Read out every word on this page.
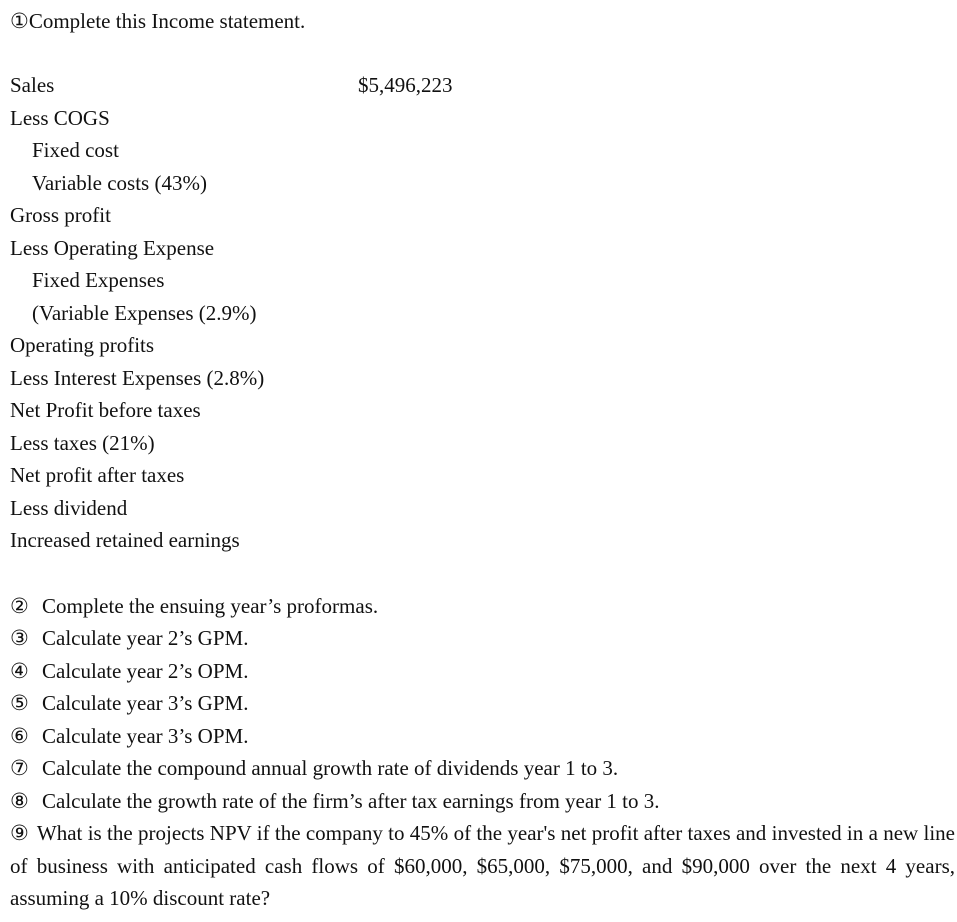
①Complete this Income statement.
Sales	$5,496,223
Less COGS
Fixed cost
Variable costs (43%)
Gross profit
Less Operating Expense
Fixed Expenses
(Variable Expenses (2.9%)
Operating profits
Less Interest Expenses (2.8%)
Net Profit before taxes
Less taxes (21%)
Net profit after taxes
Less dividend
Increased retained earnings
② Complete the ensuing year’s proformas.
③ Calculate year 2’s GPM.
④ Calculate year 2’s OPM.
⑤ Calculate year 3’s GPM.
⑥ Calculate year 3’s OPM.
⑦ Calculate the compound annual growth rate of dividends year 1 to 3.
⑧ Calculate the growth rate of the firm’s after tax earnings from year 1 to 3.
⑨ What is the projects NPV if the company to 45% of the year's net profit after taxes and invested in a new line of business with anticipated cash flows of $60,000, $65,000, $75,000, and $90,000 over the next 4 years, assuming a 10% discount rate?
